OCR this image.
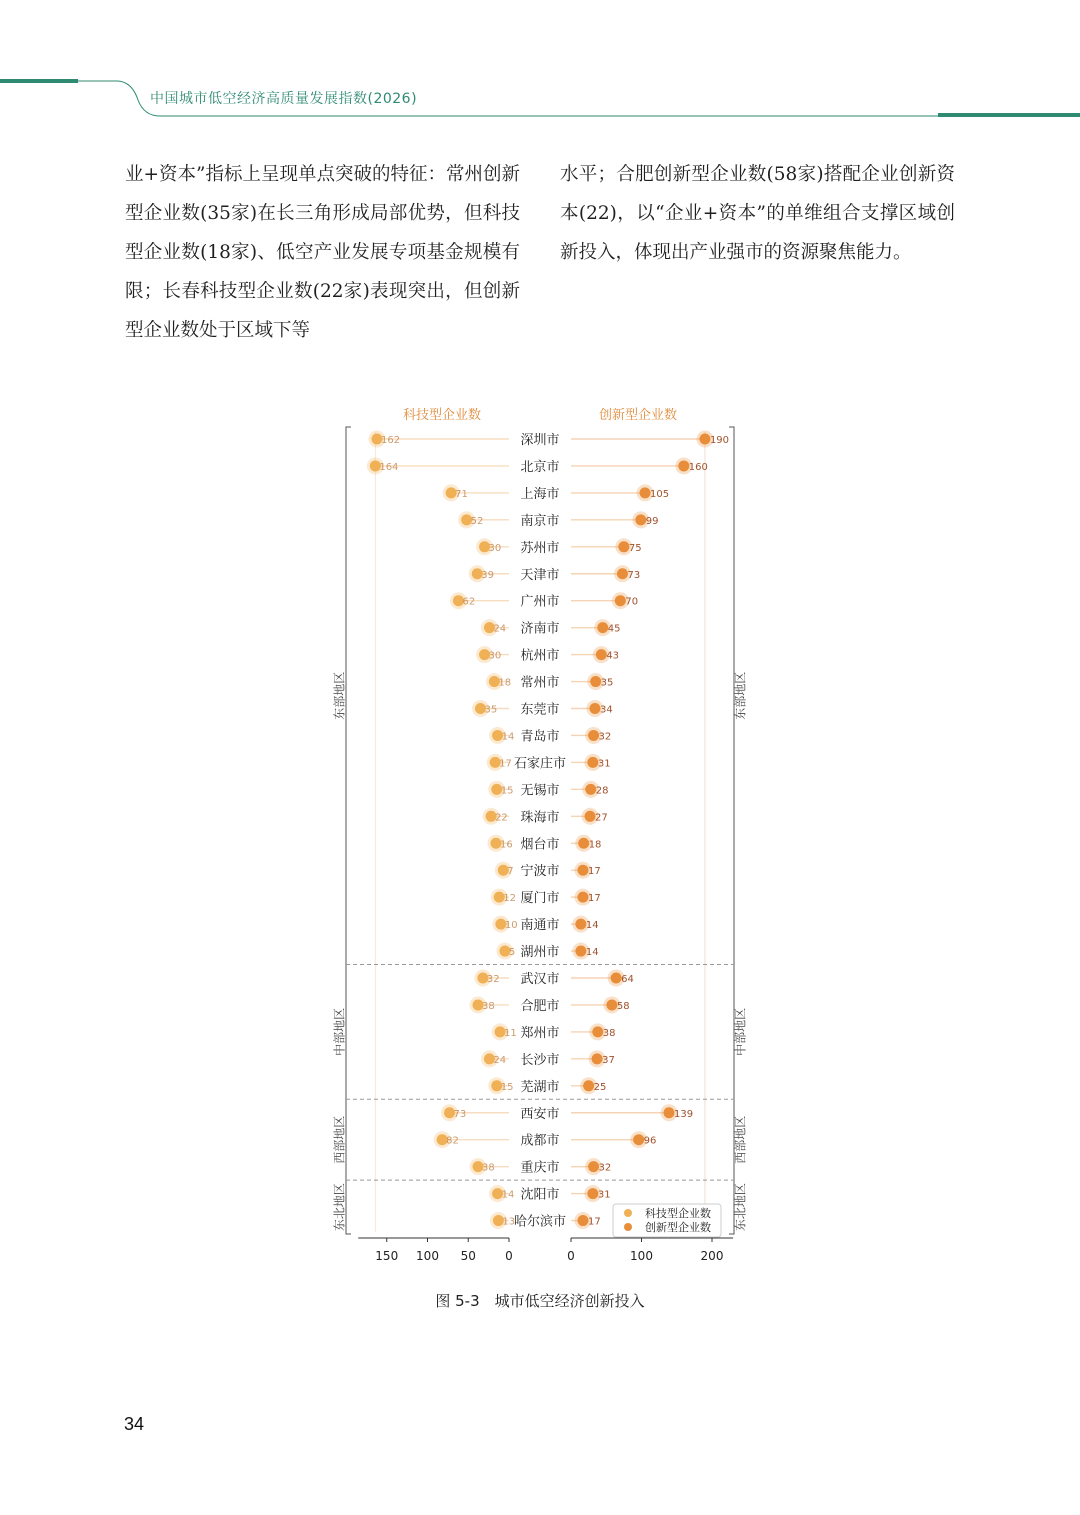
中国城市低空经济高质量发展指数(2026)

业+资本”指标上呈现单点突破的特征：常州创新型企业数(35家)在长三角形成局部优势，但科技型企业数(18家)、低空产业发展专项基金规模有限；长春科技型企业数(22家)表现突出，但创新型企业数处于区域下等

水平；合肥创新型企业数(58家)搭配企业创新资本(22)，以“企业+资本”的单维组合支撑区域创新投入，体现出产业强市的资源聚焦能力。

科技型企业数	创新型企业数
东部地区	东部地区
中部地区	中部地区
西部地区	西部地区
东北地区	东北地区
162	190
深圳市
164	160
北京市
71	105
上海市
52	99
南京市
30	75
苏州市
39	73
天津市
62	70
广州市
24	45
济南市
30	43
杭州市
18	35
常州市
35	34
东莞市
14	32
青岛市
17	31
石家庄市
15	28
无锡市
22	27
珠海市
16	18
烟台市
7	17
宁波市
12	17
厦门市
10	14
南通市
5	14
湖州市
32	64
武汉市
38	58
合肥市
11	38
郑州市
24	37
长沙市
15	25
芜湖市
73	139
西安市
82	96
成都市
38	32
重庆市
14	31
沈阳市
13	17
哈尔滨市
150 100 50 0	0	100	200
科技型企业数
创新型企业数
图 5-3　城市低空经济创新投入
34
